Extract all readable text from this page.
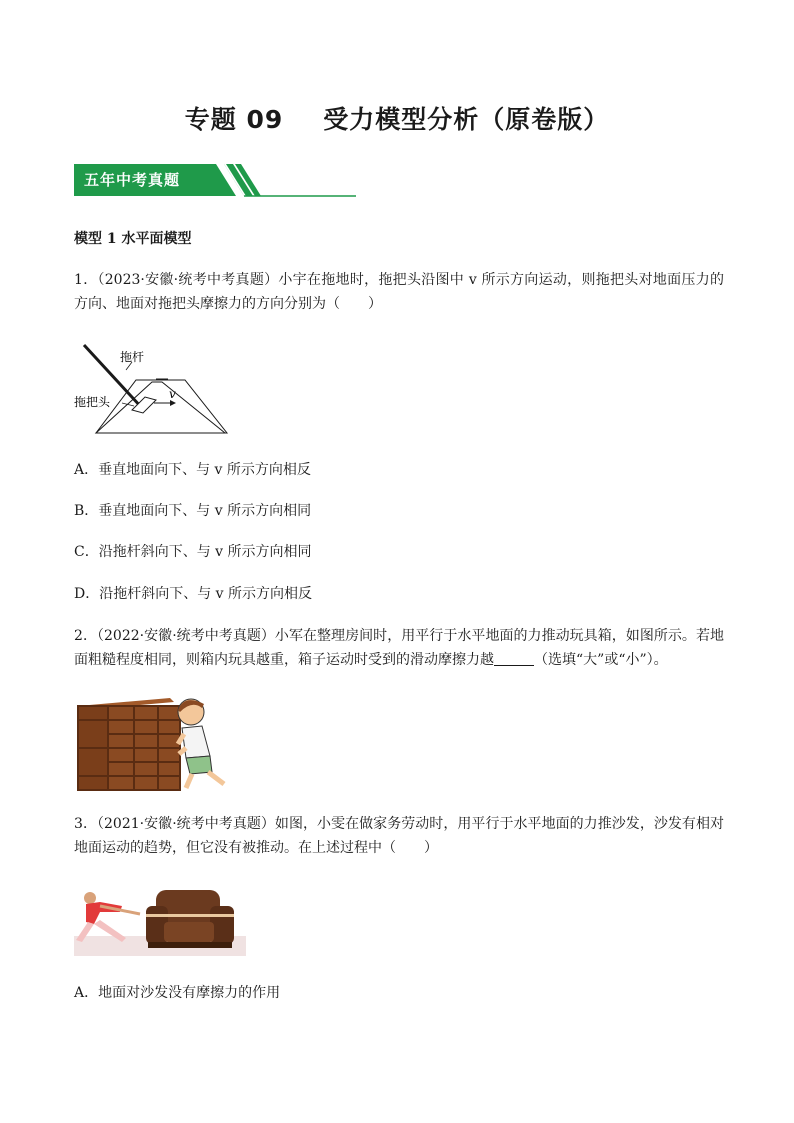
专题 09 受力模型分析（原卷版）
五年中考真题
模型 1 水平面模型
1．（2023·安徽·统考中考真题）小宇在拖地时，拖把头沿图中 v 所示方向运动，则拖把头对地面压力的方向、地面对拖把头摩擦力的方向分别为（　　）
拖杆
拖把头
v
A．垂直地面向下、与 v 所示方向相反
B．垂直地面向下、与 v 所示方向相同
C．沿拖杆斜向下、与 v 所示方向相同
D．沿拖杆斜向下、与 v 所示方向相反
2．（2022·安徽·统考中考真题）小军在整理房间时，用平行于水平地面的力推动玩具箱，如图所示。若地面粗糙程度相同，则箱内玩具越重，箱子运动时受到的滑动摩擦力越	（选填“大”或“小”）。
3．（2021·安徽·统考中考真题）如图，小雯在做家务劳动时，用平行于水平地面的力推沙发，沙发有相对地面运动的趋势，但它没有被推动。在上述过程中（　　）
A．地面对沙发没有摩擦力的作用
